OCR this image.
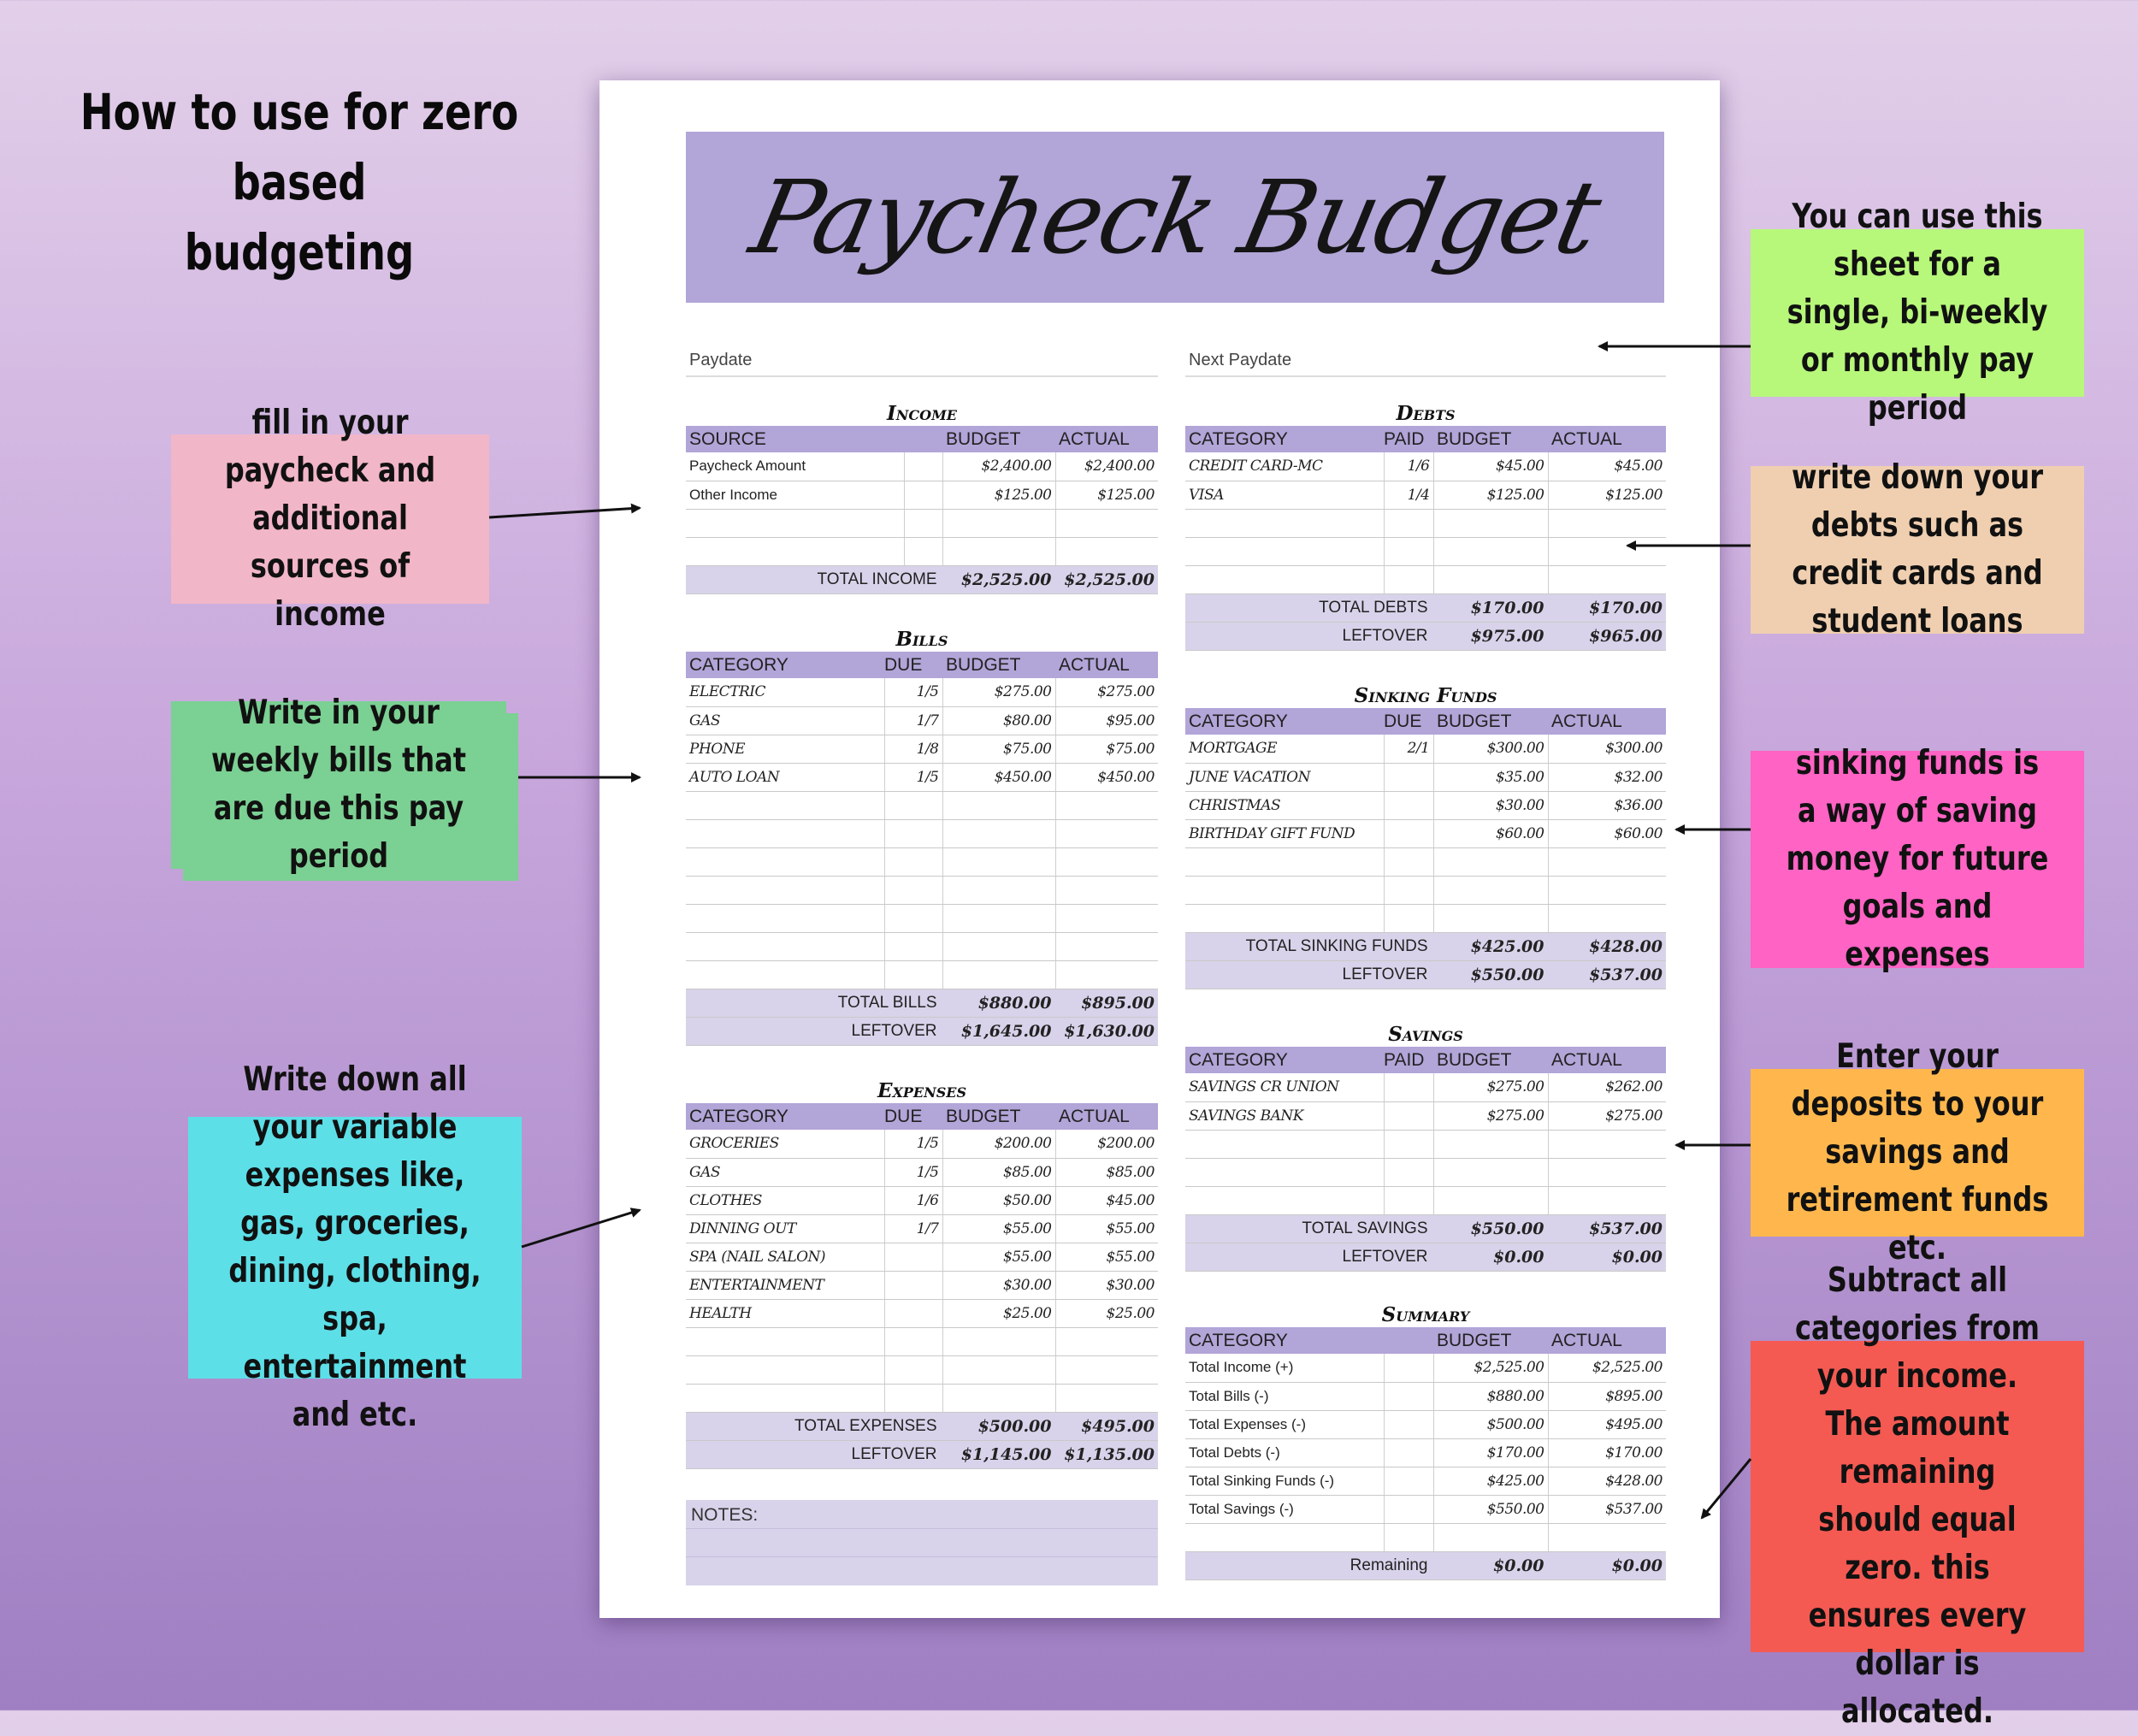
How to use for zero based
budgeting
You can use this sheet for a single, bi-weekly or monthly pay period
fill in your paycheck and additional sources of income
write down your debts such as credit cards and student loans
Write in your weekly bills that are due this pay period
sinking funds is a way of saving money for future goals and expenses
Write down all your variable expenses like, gas, groceries, dining, clothing, spa, entertainment and etc.
Enter your deposits to your savings and retirement funds etc.
Subtract all categories from your income. The amount remaining should equal zero. this ensures every dollar is allocated.
Paycheck Budget
Paydate	Next Paydate
Income
SOURCE		BUDGET	ACTUAL
Paycheck Amount		$2,400.00	$2,400.00
Other Income		$125.00	$125.00

TOTAL INCOME		$2,525.00	$2,525.00
Bills
CATEGORY	DUE	BUDGET	ACTUAL
ELECTRIC	1/5	$275.00	$275.00
GAS	1/7	$80.00	$95.00
PHONE	1/8	$75.00	$75.00
AUTO LOAN	1/5	$450.00	$450.00

TOTAL BILLS		$880.00	$895.00
LEFTOVER		$1,645.00	$1,630.00
Expenses
CATEGORY	DUE	BUDGET	ACTUAL
GROCERIES	1/5	$200.00	$200.00
GAS	1/5	$85.00	$85.00
CLOTHES	1/6	$50.00	$45.00
DINNING OUT	1/7	$55.00	$55.00
SPA (NAIL SALON)		$55.00	$55.00
ENTERTAINMENT		$30.00	$30.00
HEALTH		$25.00	$25.00

TOTAL EXPENSES		$500.00	$495.00
LEFTOVER		$1,145.00	$1,135.00
Debts
CATEGORY	PAID	BUDGET	ACTUAL
CREDIT CARD-MC	1/6	$45.00	$45.00
VISA	1/4	$125.00	$125.00

TOTAL DEBTS		$170.00	$170.00
LEFTOVER		$975.00	$965.00
Sinking Funds
CATEGORY	DUE	BUDGET	ACTUAL
MORTGAGE	2/1	$300.00	$300.00
JUNE VACATION		$35.00	$32.00
CHRISTMAS		$30.00	$36.00
BIRTHDAY GIFT FUND		$60.00	$60.00

TOTAL SINKING FUNDS		$425.00	$428.00
LEFTOVER		$550.00	$537.00
Savings
CATEGORY	PAID	BUDGET	ACTUAL
SAVINGS CR UNION		$275.00	$262.00
SAVINGS BANK		$275.00	$275.00

TOTAL SAVINGS		$550.00	$537.00
LEFTOVER		$0.00	$0.00
Summary
CATEGORY		BUDGET	ACTUAL
Total Income (+)		$2,525.00	$2,525.00
Total Bills (-)		$880.00	$895.00
Total Expenses (-)		$500.00	$495.00
Total Debts (-)		$170.00	$170.00
Total Sinking Funds (-)		$425.00	$428.00
Total Savings (-)		$550.00	$537.00

Remaining		$0.00	$0.00
NOTES:
